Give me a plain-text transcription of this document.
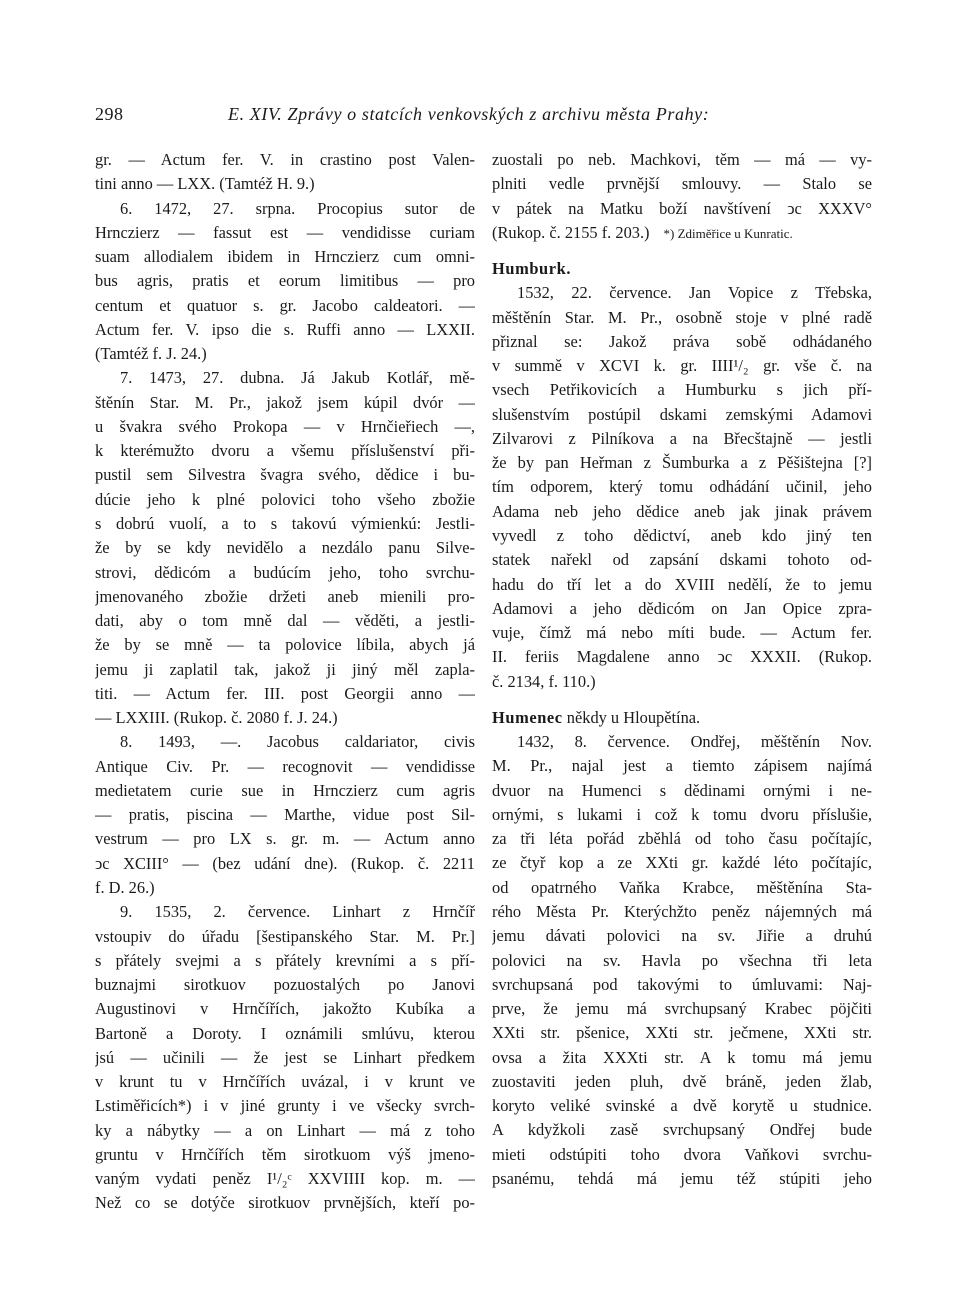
298	E. XIV. Zprávy o statcích venkovských z archivu města Prahy:
gr. — Actum fer. V. in crastino post Valen-
tini anno — LXX. (Tamtéž H. 9.)
6. 1472, 27. srpna. Procopius sutor de
Hrnczierz — fassut est — vendidisse curiam
suam allodialem ibidem in Hrnczierz cum omni-
bus agris, pratis et eorum limitibus — pro
centum et quatuor s. gr. Jacobo caldeatori. —
Actum fer. V. ipso die s. Ruffi anno — LXXII.
(Tamtéž f. J. 24.)
7. 1473, 27. dubna. Já Jakub Kotlář, mě-
štěnín Star. M. Pr., jakož jsem kúpil dvór —
u švakra svého Prokopa — v Hrnčieřiech —,
k kterémužto dvoru a všemu příslušenství při-
pustil sem Silvestra švagra svého, dědice i bu-
dúcie jeho k plné polovici toho všeho zbožie
s dobrú vuolí, a to s takovú výmienkú: Jestli-
že by se kdy nevidělo a nezdálo panu Silve-
strovi, dědicóm a budúcím jeho, toho svrchu-
jmenovaného zbožie držeti aneb mienili pro-
dati, aby o tom mně dal — věděti, a jestli-
že by se mně — ta polovice líbila, abych já
jemu ji zaplatil tak, jakož ji jiný měl zapla-
titi. — Actum fer. III. post Georgii anno —
— LXXIII. (Rukop. č. 2080 f. J. 24.)
8. 1493, —. Jacobus caldariator, civis
Antique Civ. Pr. — recognovit — vendidisse
medietatem curie sue in Hrnczierz cum agris
— pratis, piscina — Marthe, vidue post Sil-
vestrum — pro LX s. gr. m. — Actum anno
ↄc XCIII° — (bez udání dne). (Rukop. č. 2211
f. D. 26.)
9. 1535, 2. července. Linhart z Hrnčíř
vstoupiv do úřadu [šestipanského Star. M. Pr.]
s přátely svejmi a s přátely krevními a s pří-
buznajmi sirotkuov pozuostalých po Janovi
Augustinovi v Hrnčířích, jakožto Kubíka a
Bartoně a Doroty. I oznámili smlúvu, kterou
jsú — učinili — že jest se Linhart předkem
v krunt tu v Hrnčířích uvázal, i v krunt ve
Lstiměřicích*) i v jiné grunty i ve všecky svrch-
ky a nábytky — a on Linhart — má z toho
gruntu v Hrnčířích těm sirotkuom výš jmeno-
vaným vydati peněz I¹/₂ᶜ XXVIIII kop. m. —
Než co se dotýče sirotkuov prvnějších, kteří po-
zuostali po neb. Machkovi, těm — má — vy-
plniti vedle prvnější smlouvy. — Stalo se
v pátek na Matku boží navštívení ↄc XXXV°
(Rukop. č. 2155 f. 203.) *) Zdiměřice u Kunratic.
Humburk.
1532, 22. července. Jan Vopice z Třebska,
měštěnín Star. M. Pr., osobně stoje v plné radě
přiznal se: Jakož práva sobě odhádaného
v summě v XCVI k. gr. IIII¹/₂ gr. vše č. na
vsech Petřikovicích a Humburku s jich pří-
slušenstvím postúpil dskami zemskými Adamovi
Zilvarovi z Pilníkova a na Břecštajně — jestli
že by pan Heřman z Šumburka a z Pěšištejna [?]
tím odporem, který tomu odhádání učinil, jeho
Adama neb jeho dědice aneb jak jinak právem
vyvedl z toho dědictví, aneb kdo jiný ten
statek nařekl od zapsání dskami tohoto od-
hadu do tří let a do XVIII nedělí, že to jemu
Adamovi a jeho dědicóm on Jan Opice zpra-
vuje, čímž má nebo míti bude. — Actum fer.
II. feriis Magdalene anno ↄc XXXII. (Rukop.
č. 2134, f. 110.)
Humenec někdy u Hloupětína.
1432, 8. července. Ondřej, měštěnín Nov.
M. Pr., najal jest a tiemto zápisem najímá
dvuor na Humenci s dědinami ornými i ne-
ornými, s lukami i což k tomu dvoru příslušie,
za tři léta pořád zběhlá od toho času počítajíc,
ze čtyř kop a ze XXti gr. každé léto počítajíc,
od opatrného Vaňka Krabce, měštěnína Sta-
rého Města Pr. Kterýchžto peněz nájemných má
jemu dávati polovici na sv. Jiřie a druhú
polovici na sv. Havla po všechna tři leta
svrchupsaná pod takovými to úmluvami: Naj-
prve, že jemu má svrchupsaný Krabec pöjčiti
XXti str. pšenice, XXti str. ječmene, XXti str.
ovsa a žita XXXti str. A k tomu má jemu
zuostaviti jeden pluh, dvě bráně, jeden žlab,
koryto veliké svinské a dvě korytě u studnice.
A kdyžkoli zasě svrchupsaný Ondřej bude
mieti odstúpiti toho dvora Vaňkovi svrchu-
psanému, tehdá má jemu též stúpiti jeho
